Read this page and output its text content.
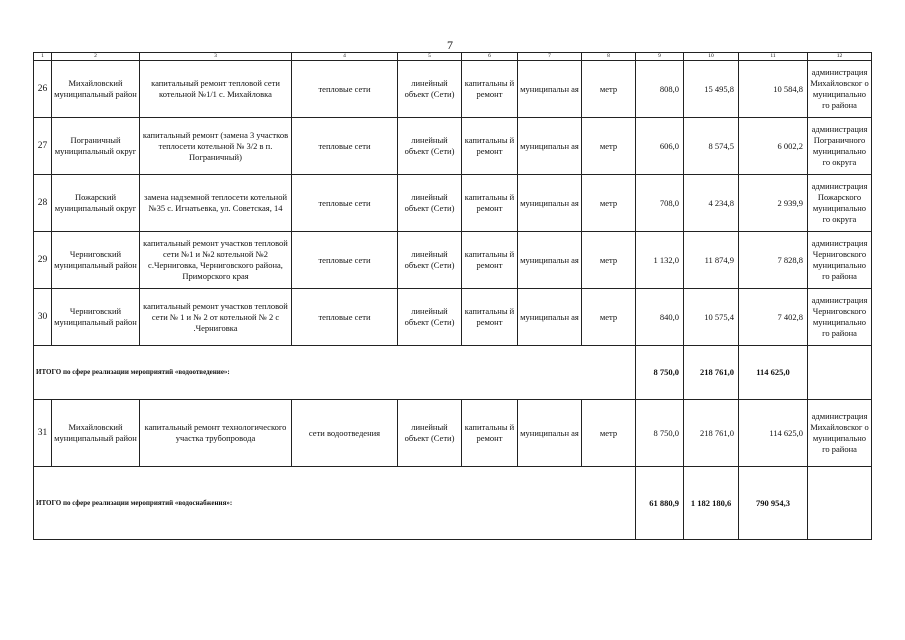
7
1	2	3	4	5	6	7	8	9	10	11	12
26	Михайловский муниципальный район	капитальный ремонт тепловой сети котельной №1/1 с. Михайловка	тепловые сети	линейный объект (Сети)	капитальны й ремонт	муниципальн ая	метр	808,0	15 495,8	10 584,8	администрация Михайловског о муниципально го района
27	Пограничный муниципальный округ	капитальный ремонт (замена 3 участков теплосети котельной № 3/2 в п. Пограничный)	тепловые сети	линейный объект (Сети)	капитальны й ремонт	муниципальн ая	метр	606,0	8 574,5	6 002,2	администрация Пограничного муниципально го округа
28	Пожарский муниципальный округ	замена надземной теплосети котельной №35 с. Игнатьевка, ул. Советская, 14	тепловые сети	линейный объект (Сети)	капитальны й ремонт	муниципальн ая	метр	708,0	4 234,8	2 939,9	администрация Пожарского муниципально го округа
29	Черниговский муниципальный район	капитальный ремонт участков тепловой сети №1 и №2 котельной №2 с.Черниговка, Черниговского района, Приморского края	тепловые сети	линейный объект (Сети)	капитальны й ремонт	муниципальн ая	метр	1 132,0	11 874,9	7 828,8	администрация Черниговского муниципально го района
30	Черниговский муниципальный район	капитальный ремонт участков тепловой сети № 1 и № 2 от котельной № 2 с .Черниговка	тепловые сети	линейный объект (Сети)	капитальны й ремонт	муниципальн ая	метр	840,0	10 575,4	7 402,8	администрация Черниговского муниципально го района
ИТОГО по сфере реализации мероприятий «водоотведение»:								8 750,0	218 761,0	114 625,0	
31	Михайловский муниципальный район	капитальный ремонт технологического участка трубопровода	сети водоотведения	линейный объект (Сети)	капитальны й ремонт	муниципальн ая	метр	8 750,0	218 761,0	114 625,0	администрация Михайловског о муниципально го района
ИТОГО по сфере реализации мероприятий «водоснабжения»:								61 880,9	1 182 180,6	790 954,3	
